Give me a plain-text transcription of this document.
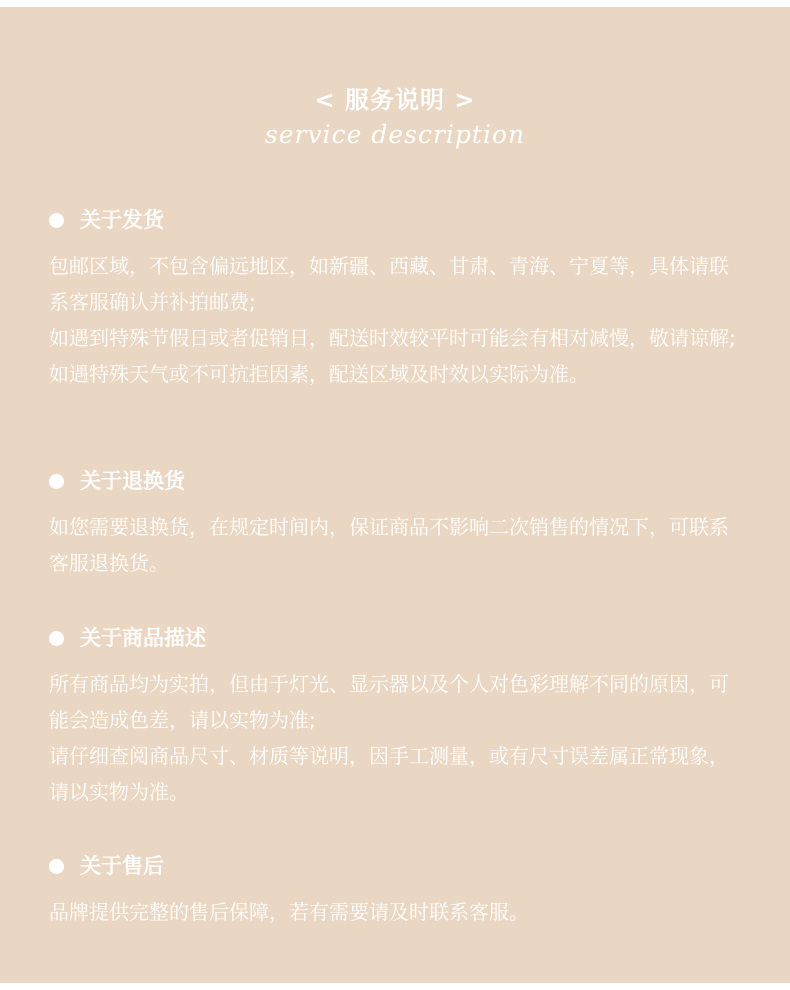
< 服务说明 >
service description
关于发货

包邮区域，不包含偏远地区，如新疆、西藏、甘肃、青海、宁夏等，具体请联系客服确认并补拍邮费;

如遇到特殊节假日或者促销日，配送时效较平时可能会有相对减慢，敬请谅解;

如遇特殊天气或不可抗拒因素，配送区域及时效以实际为准。

关于退换货

如您需要退换货，在规定时间内，保证商品不影响二次销售的情况下，可联系客服退换货。

关于商品描述

所有商品均为实拍，但由于灯光、显示器以及个人对色彩理解不同的原因，可能会造成色差，请以实物为准;

请仔细查阅商品尺寸、材质等说明，因手工测量，或有尺寸误差属正常现象，请以实物为准。

关于售后

品牌提供完整的售后保障，若有需要请及时联系客服。
